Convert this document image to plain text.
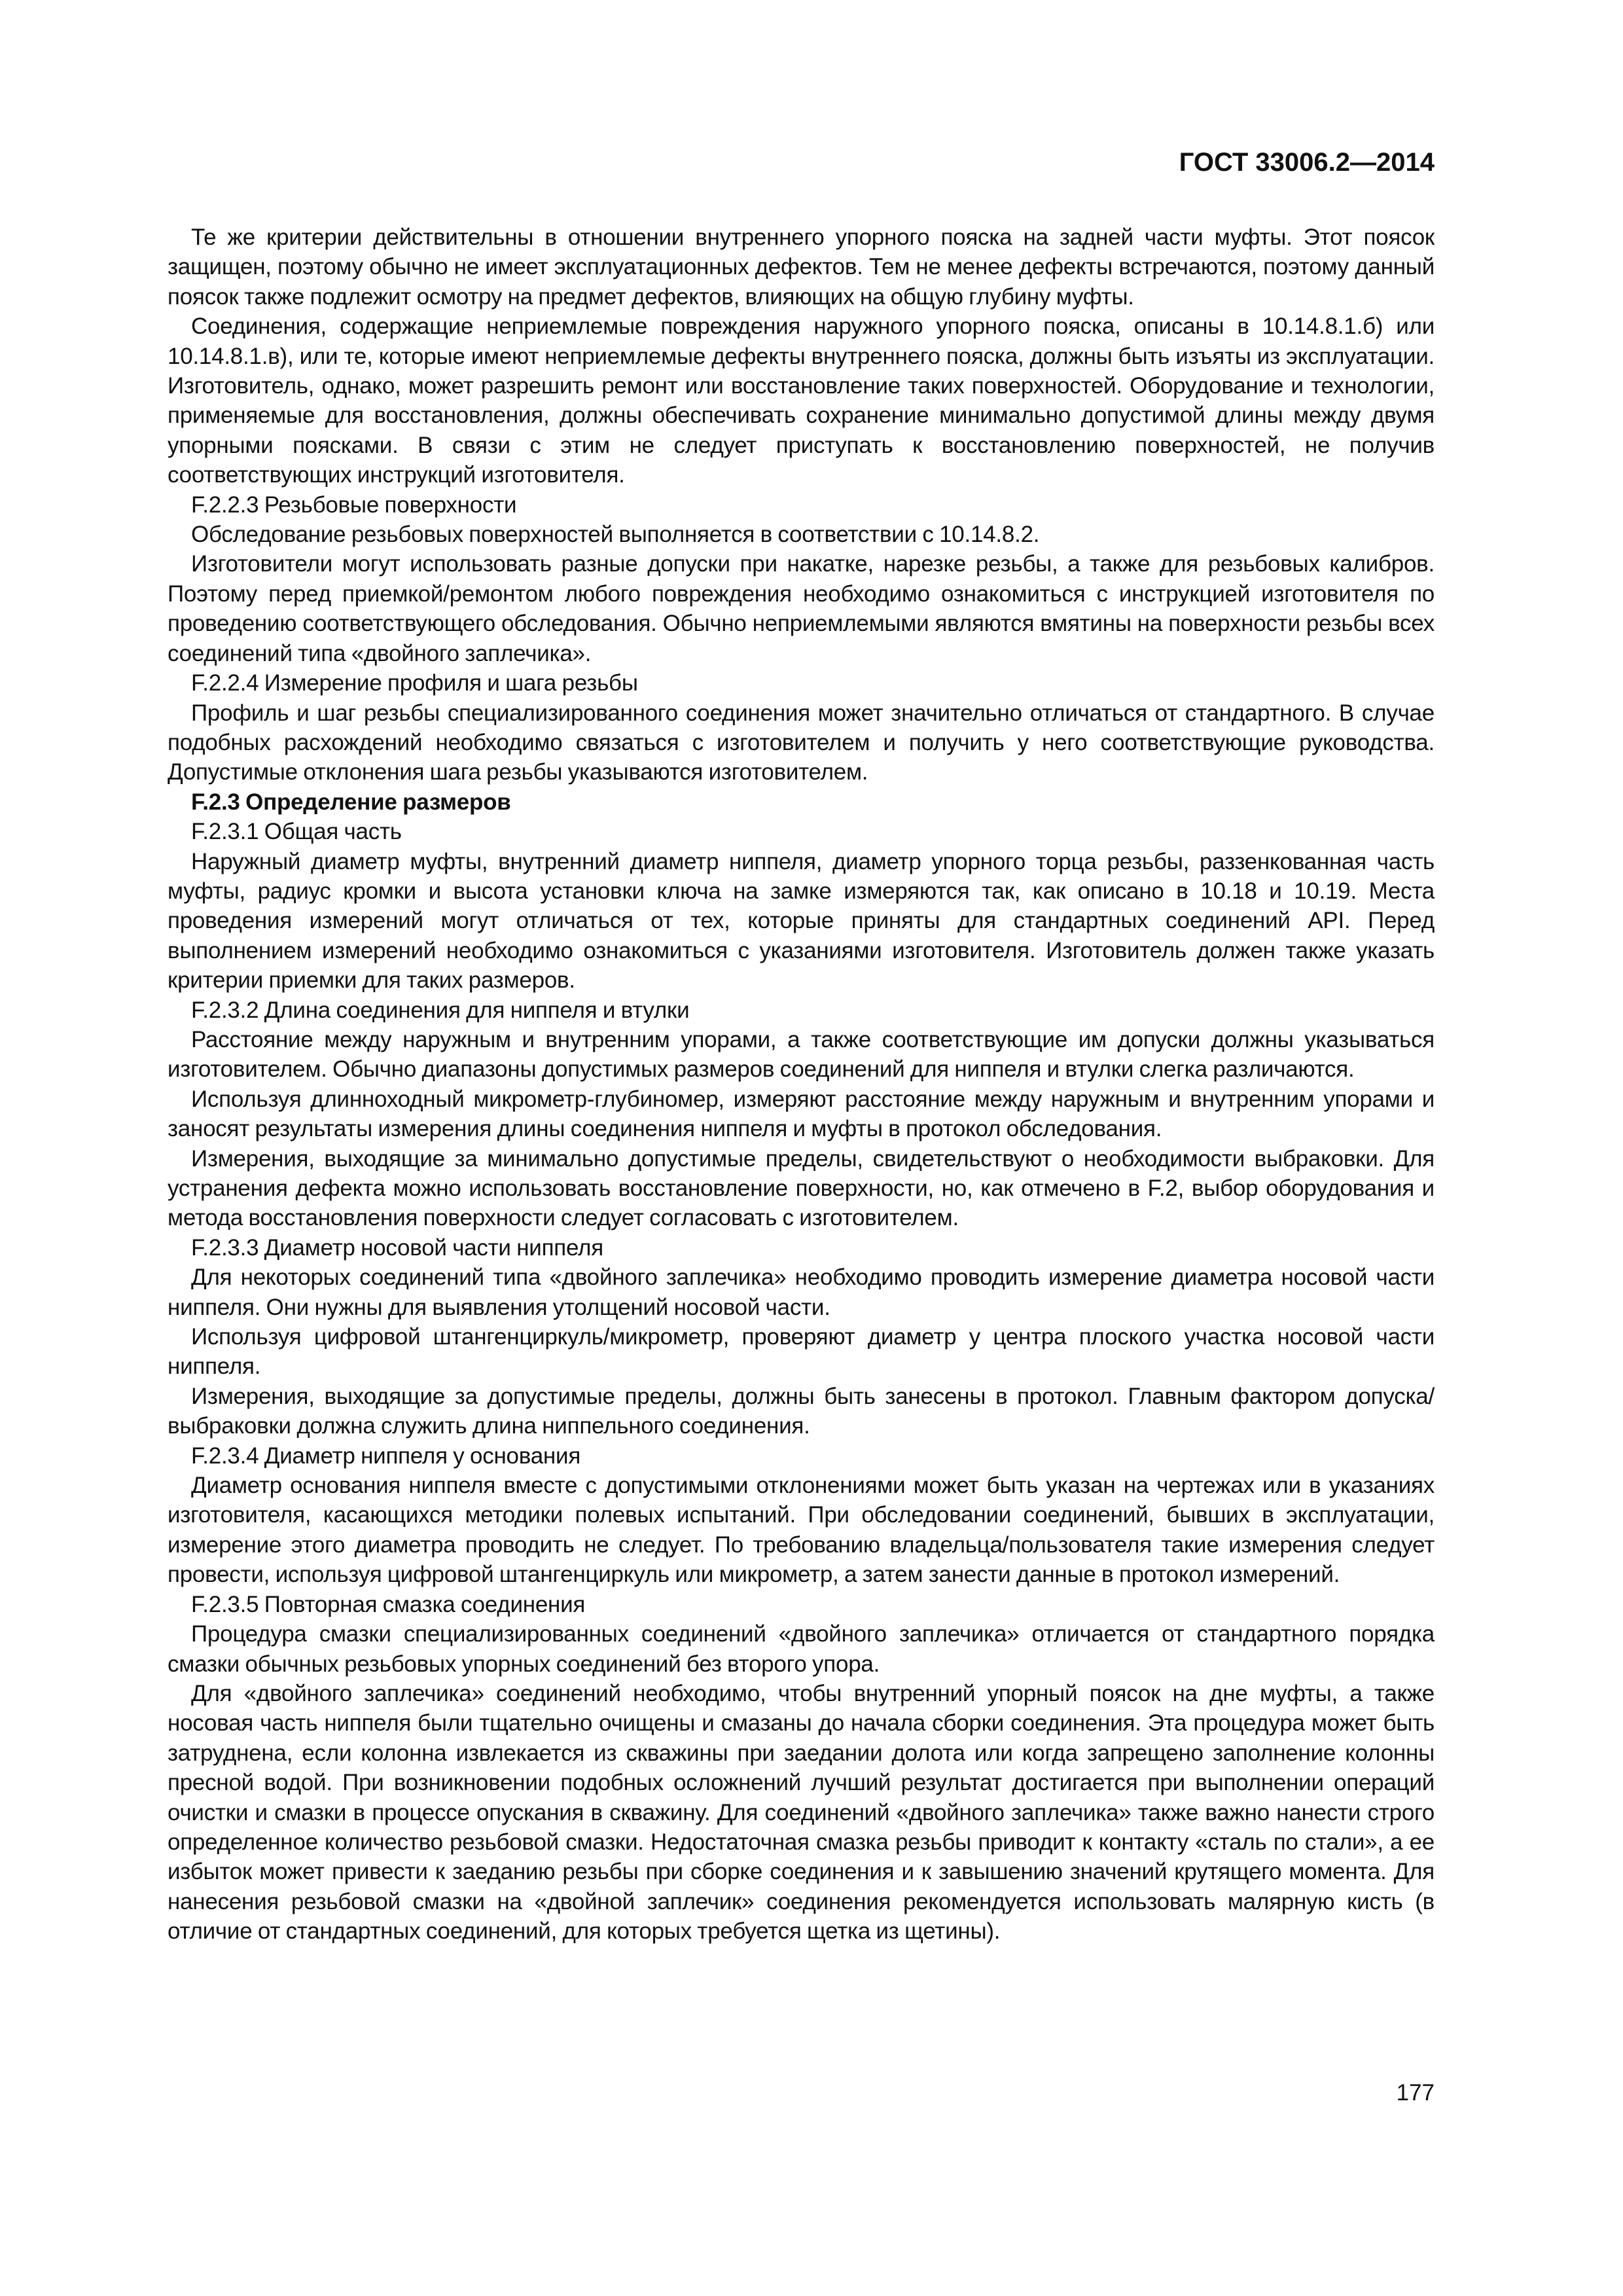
ГОСТ 33006.2—2014

Те же критерии действительны в отношении внутреннего упорного пояска на задней части муфты. Этот поясок защищен, поэтому обычно не имеет эксплуатационных дефектов. Тем не менее дефекты встречаются, поэтому данный поясок также подлежит осмотру на предмет дефектов, влияющих на общую глубину муфты.

Соединения, содержащие неприемлемые повреждения наружного упорного пояска, описаны в 10.14.8.1.б) или 10.14.8.1.в), или те, которые имеют неприемлемые дефекты внутреннего пояска, должны быть изъяты из эксплуатации. Изготовитель, однако, может разрешить ремонт или восстановление таких поверхностей. Оборудование и технологии, применяемые для восстановления, должны обеспечивать сохранение минимально допустимой длины между двумя упорными поясками. В связи с этим не следует приступать к восстановлению поверхностей, не получив соответствующих инструкций изготовителя.

F.2.2.3 Резьбовые поверхности

Обследование резьбовых поверхностей выполняется в соответствии с 10.14.8.2.

Изготовители могут использовать разные допуски при накатке, нарезке резьбы, а также для резьбовых калибров. Поэтому перед приемкой/ремонтом любого повреждения необходимо ознакомиться с инструкцией изготовителя по проведению соответствующего обследования. Обычно неприемлемыми являются вмятины на поверхности резьбы всех соединений типа «двойного заплечика».

F.2.2.4 Измерение профиля и шага резьбы

Профиль и шаг резьбы специализированного соединения может значительно отличаться от стандартного. В случае подобных расхождений необходимо связаться с изготовителем и получить у него соответствующие руководства. Допустимые отклонения шага резьбы указываются изготовителем.

F.2.3 Определение размеров

F.2.3.1 Общая часть

Наружный диаметр муфты, внутренний диаметр ниппеля, диаметр упорного торца резьбы, раззенкованная часть муфты, радиус кромки и высота установки ключа на замке измеряются так, как описано в 10.18 и 10.19. Места проведения измерений могут отличаться от тех, которые приняты для стандартных соединений API. Перед выполнением измерений необходимо ознакомиться с указаниями изготовителя. Изготовитель должен также указать критерии приемки для таких размеров.

F.2.3.2 Длина соединения для ниппеля и втулки

Расстояние между наружным и внутренним упорами, а также соответствующие им допуски должны указываться изготовителем. Обычно диапазоны допустимых размеров соединений для ниппеля и втулки слегка различаются.

Используя длинноходный микрометр-глубиномер, измеряют расстояние между наружным и внутренним упорами и заносят результаты измерения длины соединения ниппеля и муфты в протокол обследования.

Измерения, выходящие за минимально допустимые пределы, свидетельствуют о необходимости выбраковки. Для устранения дефекта можно использовать восстановление поверхности, но, как отмечено в F.2, выбор оборудования и метода восстановления поверхности следует согласовать с изготовителем.

F.2.3.3 Диаметр носовой части ниппеля

Для некоторых соединений типа «двойного заплечика» необходимо проводить измерение диаметра носовой части ниппеля. Они нужны для выявления утолщений носовой части.

Используя цифровой штангенциркуль/микрометр, проверяют диаметр у центра плоского участка носовой части ниппеля.

Измерения, выходящие за допустимые пределы, должны быть занесены в протокол. Главным фактором допуска/выбраковки должна служить длина ниппельного соединения.

F.2.3.4 Диаметр ниппеля у основания

Диаметр основания ниппеля вместе с допустимыми отклонениями может быть указан на чертежах или в указаниях изготовителя, касающихся методики полевых испытаний. При обследовании соединений, бывших в эксплуатации, измерение этого диаметра проводить не следует. По требованию владельца/пользователя такие измерения следует провести, используя цифровой штангенциркуль или микрометр, а затем занести данные в протокол измерений.

F.2.3.5 Повторная смазка соединения

Процедура смазки специализированных соединений «двойного заплечика» отличается от стандартного порядка смазки обычных резьбовых упорных соединений без второго упора.

Для «двойного заплечика» соединений необходимо, чтобы внутренний упорный поясок на дне муфты, а также носовая часть ниппеля были тщательно очищены и смазаны до начала сборки соединения. Эта процедура может быть затруднена, если колонна извлекается из скважины при заедании долота или когда запрещено заполнение колонны пресной водой. При возникновении подобных осложнений лучший результат достигается при выполнении операций очистки и смазки в процессе опускания в скважину. Для соединений «двойного заплечика» также важно нанести строго определенное количество резьбовой смазки. Недостаточная смазка резьбы приводит к контакту «сталь по стали», а ее избыток может привести к заеданию резьбы при сборке соединения и к завышению значений крутящего момента. Для нанесения резьбовой смазки на «двойной заплечик» соединения рекомендуется использовать малярную кисть (в отличие от стандартных соединений, для которых требуется щетка из щетины).

177
